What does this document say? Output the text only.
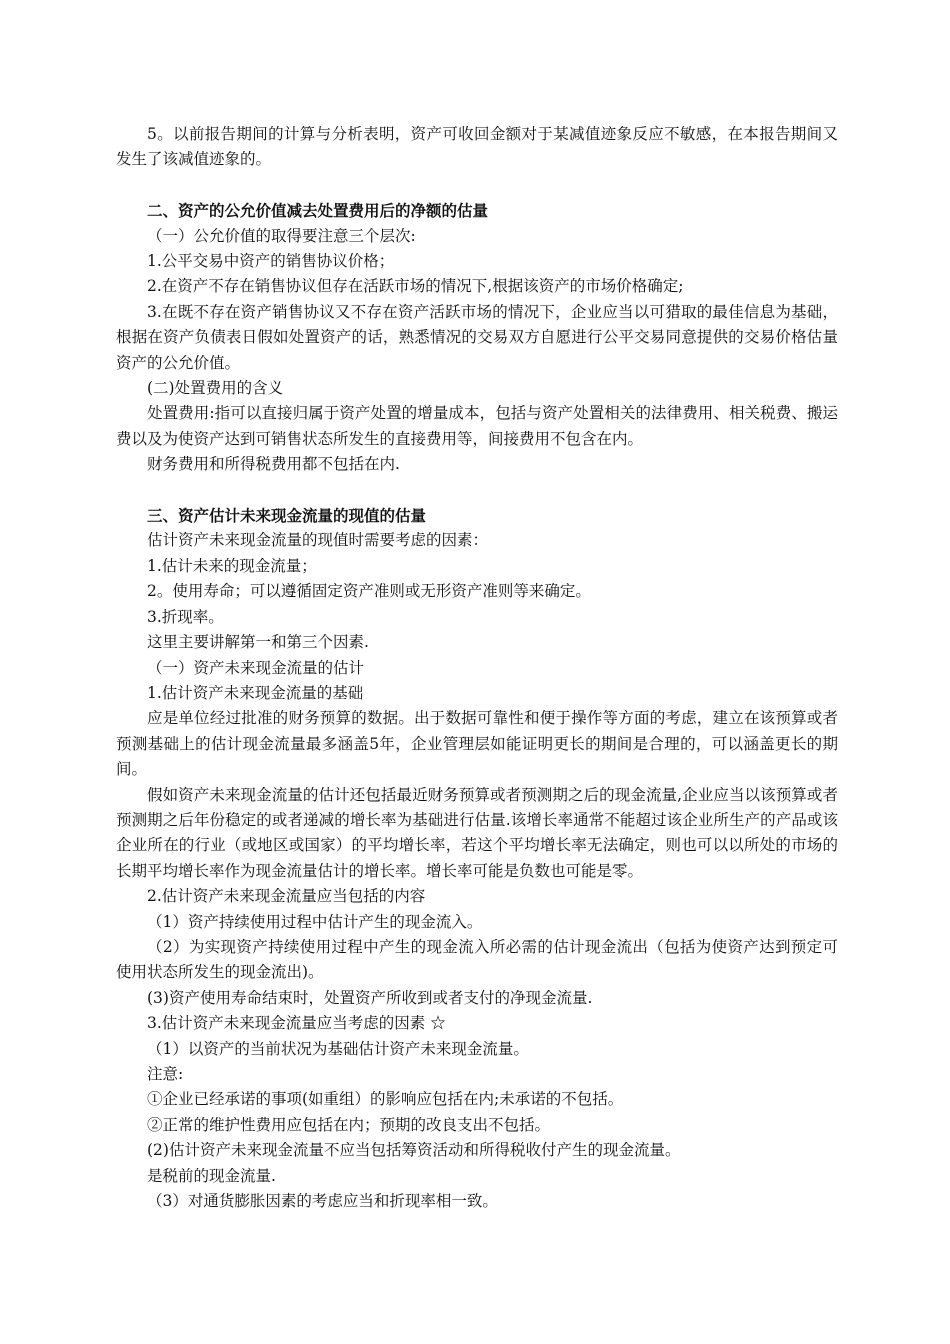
5。以前报告期间的计算与分析表明，资产可收回金额对于某减值迹象反应不敏感，在本报告期间又发生了该减值迹象的。

二、资产的公允价值减去处置费用后的净额的估量

（一）公允价值的取得要注意三个层次:

1.公平交易中资产的销售协议价格；

2.在资产不存在销售协议但存在活跃市场的情况下,根据该资产的市场价格确定;

3.在既不存在资产销售协议又不存在资产活跃市场的情况下，企业应当以可猎取的最佳信息为基础，根据在资产负债表日假如处置资产的话，熟悉情况的交易双方自愿进行公平交易同意提供的交易价格估量资产的公允价值。

(二)处置费用的含义

处置费用:指可以直接归属于资产处置的增量成本，包括与资产处置相关的法律费用、相关税费、搬运费以及为使资产达到可销售状态所发生的直接费用等，间接费用不包含在内。

财务费用和所得税费用都不包括在内.

三、资产估计未来现金流量的现值的估量

估计资产未来现金流量的现值时需要考虑的因素：

1.估计未来的现金流量；

2。使用寿命；可以遵循固定资产准则或无形资产准则等来确定。

3.折现率。

这里主要讲解第一和第三个因素.

（一）资产未来现金流量的估计

1.估计资产未来现金流量的基础

应是单位经过批准的财务预算的数据。出于数据可靠性和便于操作等方面的考虑，建立在该预算或者预测基础上的估计现金流量最多涵盖5年，企业管理层如能证明更长的期间是合理的，可以涵盖更长的期间。

假如资产未来现金流量的估计还包括最近财务预算或者预测期之后的现金流量,企业应当以该预算或者预测期之后年份稳定的或者递减的增长率为基础进行估量.该增长率通常不能超过该企业所生产的产品或该企业所在的行业（或地区或国家）的平均增长率，若这个平均增长率无法确定，则也可以以所处的市场的长期平均增长率作为现金流量估计的增长率。增长率可能是负数也可能是零。

2.估计资产未来现金流量应当包括的内容

（1）资产持续使用过程中估计产生的现金流入。

（2）为实现资产持续使用过程中产生的现金流入所必需的估计现金流出（包括为使资产达到预定可使用状态所发生的现金流出)。

(3)资产使用寿命结束时，处置资产所收到或者支付的净现金流量.

3.估计资产未来现金流量应当考虑的因素 ☆

（1）以资产的当前状况为基础估计资产未来现金流量。

注意:

①企业已经承诺的事项(如重组）的影响应包括在内;未承诺的不包括。

②正常的维护性费用应包括在内；预期的改良支出不包括。

(2)估计资产未来现金流量不应当包括筹资活动和所得税收付产生的现金流量。

是税前的现金流量.

（3）对通货膨胀因素的考虑应当和折现率相一致。
